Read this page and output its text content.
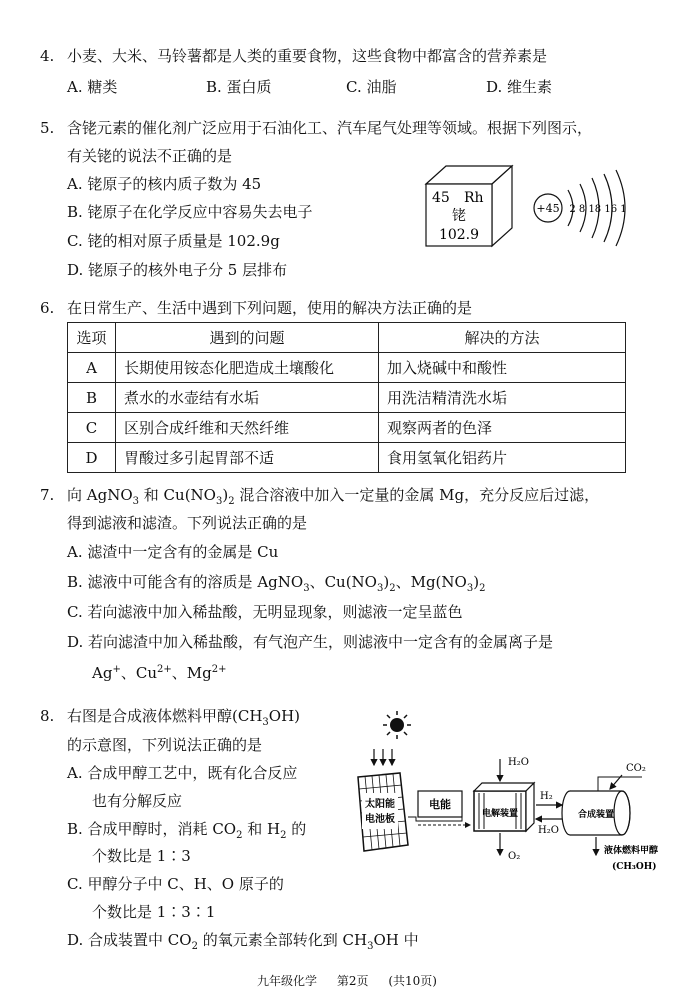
4. 小麦、大米、马铃薯都是人类的重要食物，这些食物中都富含的营养素是
A. 糖类	B. 蛋白质	C. 油脂	D. 维生素
5. 含铑元素的催化剂广泛应用于石油化工、汽车尾气处理等领域。根据下列图示，
有关铑的说法不正确的是
A. 铑原子的核内质子数为 45
B. 铑原子在化学反应中容易失去电子
C. 铑的相对原子质量是 102.9g
D. 铑原子的核外电子分 5 层排布
45 Rh
铑
102.9
+45 2 8 18 16 1
6. 在日常生产、生活中遇到下列问题，使用的解决方法正确的是
选项	遇到的问题	解决的方法
A	长期使用铵态化肥造成土壤酸化	加入烧碱中和酸性
B	煮水的水壶结有水垢	用洗洁精清洗水垢
C	区别合成纤维和天然纤维	观察两者的色泽
D	胃酸过多引起胃部不适	食用氢氧化铝药片
7. 向 AgNO$_3$ 和 $Cu(NO_3)_2$ 混合溶液中加入一定量的金属 Mg，充分反应后过滤，
得到滤液和滤渣。下列说法正确的是
A. 滤渣中一定含有的金属是 Cu
B. 滤液中可能含有的溶质是 AgNO$_3$、$Cu(NO_3)_2$、$Mg(NO_3)_2$
C. 若向滤液中加入稀盐酸，无明显现象，则滤液一定呈蓝色
D. 若向滤渣中加入稀盐酸，有气泡产生，则滤液中一定含有的金属离子是
Ag+、$Cu^{2+}$、$Mg^{2+}$
8. 右图是合成液体燃料甲醇$(CH_3OH)$
的示意图，下列说法正确的是
A. 合成甲醇工艺中，既有化合反应
也有分解反应
B. 合成甲醇时，消耗 $CO_2$ 和 $H_2$ 的
个数比是 1∶3
C. 甲醇分子中 C、H、O 原子的
个数比是 1∶3∶1
D. 合成装置中 $CO_2$ 的氧元素全部转化到 $CH_3OH$ 中
太阳能
电池板
电能
电解装置
H₂O
O₂
H₂
H₂O
合成装置
CO₂
液体燃料甲醇
(CH₃OH)
九年级化学 第2页 (共10页)
